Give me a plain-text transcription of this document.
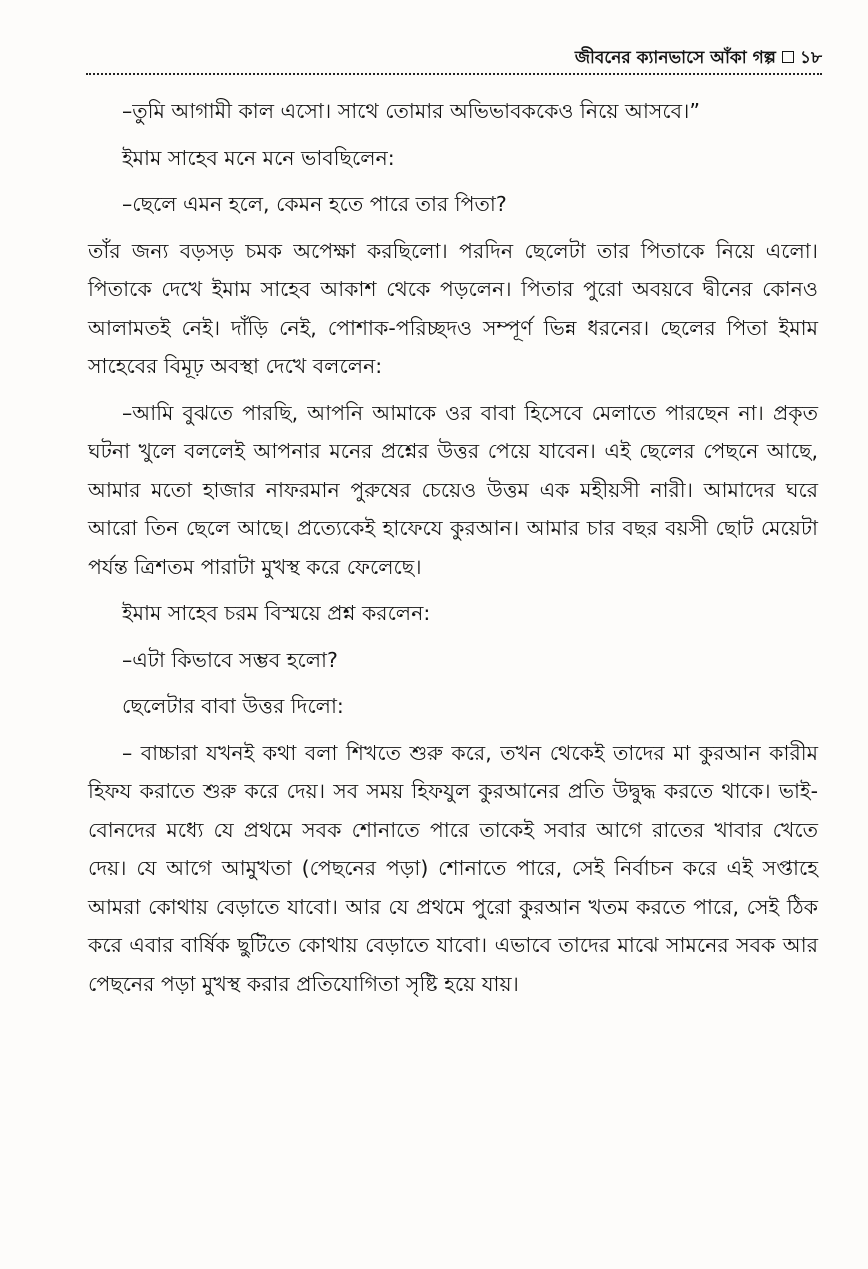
জীবনের ক্যানভাসে আঁকা গল্প ১৮

–তুমি আগামী কাল এসো। সাথে তোমার অভিভাবককেও নিয়ে আসবে।”

ইমাম সাহেব মনে মনে ভাবছিলেন:

–ছেলে এমন হলে, কেমন হতে পারে তার পিতা?

তাঁর জন্য বড়সড় চমক অপেক্ষা করছিলো। পরদিন ছেলেটা তার পিতাকে নিয়ে এলো। পিতাকে দেখে ইমাম সাহেব আকাশ থেকে পড়লেন। পিতার পুরো অবয়বে দ্বীনের কোনও আলামতই নেই। দাঁড়ি নেই, পোশাক-পরিচ্ছদও সম্পূর্ণ ভিন্ন ধরনের। ছেলের পিতা ইমাম সাহেবের বিমূঢ় অবস্থা দেখে বললেন:

–আমি বুঝতে পারছি, আপনি আমাকে ওর বাবা হিসেবে মেলাতে পারছেন না। প্রকৃত ঘটনা খুলে বললেই আপনার মনের প্রশ্নের উত্তর পেয়ে যাবেন। এই ছেলের পেছনে আছে, আমার মতো হাজার নাফরমান পুরুষের চেয়েও উত্তম এক মহীয়সী নারী। আমাদের ঘরে আরো তিন ছেলে আছে। প্রত্যেকেই হাফেযে কুরআন। আমার চার বছর বয়সী ছোট মেয়েটা পর্যন্ত ত্রিশতম পারাটা মুখস্থ করে ফেলেছে।

ইমাম সাহেব চরম বিস্ময়ে প্রশ্ন করলেন:

–এটা কিভাবে সম্ভব হলো?

ছেলেটার বাবা উত্তর দিলো:

– বাচ্চারা যখনই কথা বলা শিখতে শুরু করে, তখন থেকেই তাদের মা কুরআন কারীম হিফয করাতে শুরু করে দেয়। সব সময় হিফযুল কুরআনের প্রতি উদ্বুদ্ধ করতে থাকে। ভাই-বোনদের মধ্যে যে প্রথমে সবক শোনাতে পারে তাকেই সবার আগে রাতের খাবার খেতে দেয়। যে আগে আমুখতা (পেছনের পড়া) শোনাতে পারে, সেই নির্বাচন করে এই সপ্তাহে আমরা কোথায় বেড়াতে যাবো। আর যে প্রথমে পুরো কুরআন খতম করতে পারে, সেই ঠিক করে এবার বার্ষিক ছুটিতে কোথায় বেড়াতে যাবো। এভাবে তাদের মাঝে সামনের সবক আর পেছনের পড়া মুখস্থ করার প্রতিযোগিতা সৃষ্টি হয়ে যায়।
